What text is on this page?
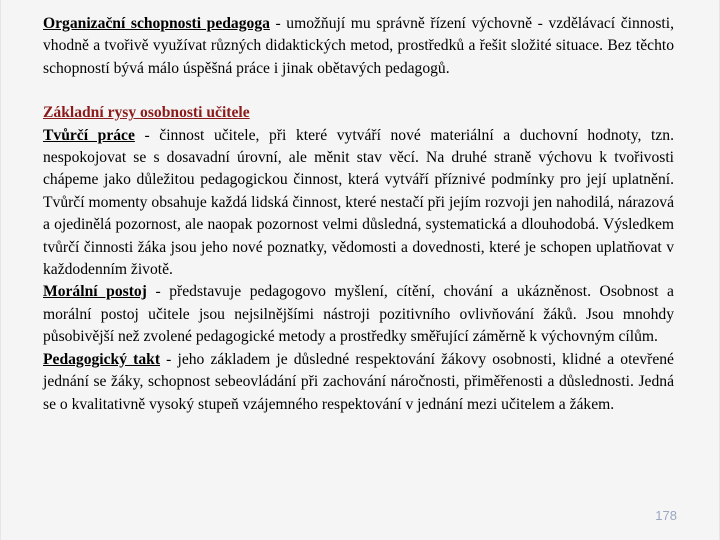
Organizační schopnosti pedagoga - umožňují mu správně řízení výchovně - vzdělávací činnosti, vhodně a tvořivě využívat různých didaktických metod, prostředků a řešit složité situace. Bez těchto schopností bývá málo úspěšná práce i jinak obětavých pedagogů.

Základní rysy osobnosti učitele

Tvůrčí práce - činnost učitele, při které vytváří nové materiální a duchovní hodnoty, tzn. nespokojovat se s dosavadní úrovní, ale měnit stav věcí. Na druhé straně výchovu k tvořivosti chápeme jako důležitou pedagogickou činnost, která vytváří příznivé podmínky pro její uplatnění. Tvůrčí momenty obsahuje každá lidská činnost, které nestačí při jejím rozvoji jen nahodilá, nárazová a ojedinělá pozornost, ale naopak pozornost velmi důsledná, systematická a dlouhodobá. Výsledkem tvůrčí činnosti žáka jsou jeho nové poznatky, vědomosti a dovednosti, které je schopen uplatňovat v každodenním životě.

Morální postoj - představuje pedagogovo myšlení, cítění, chování a ukázněnost. Osobnost a morální postoj učitele jsou nejsilnějšími nástroji pozitivního ovlivňování žáků. Jsou mnohdy působivější než zvolené pedagogické metody a prostředky směřující záměrně k výchovným cílům.

Pedagogický takt - jeho základem je důsledné respektování žákovy osobnosti, klidné a otevřené jednání se žáky, schopnost sebeovládání při zachování náročnosti, přiměřenosti a důslednosti. Jedná se o kvalitativně vysoký stupeň vzájemného respektování v jednání mezi učitelem a žákem.

178
